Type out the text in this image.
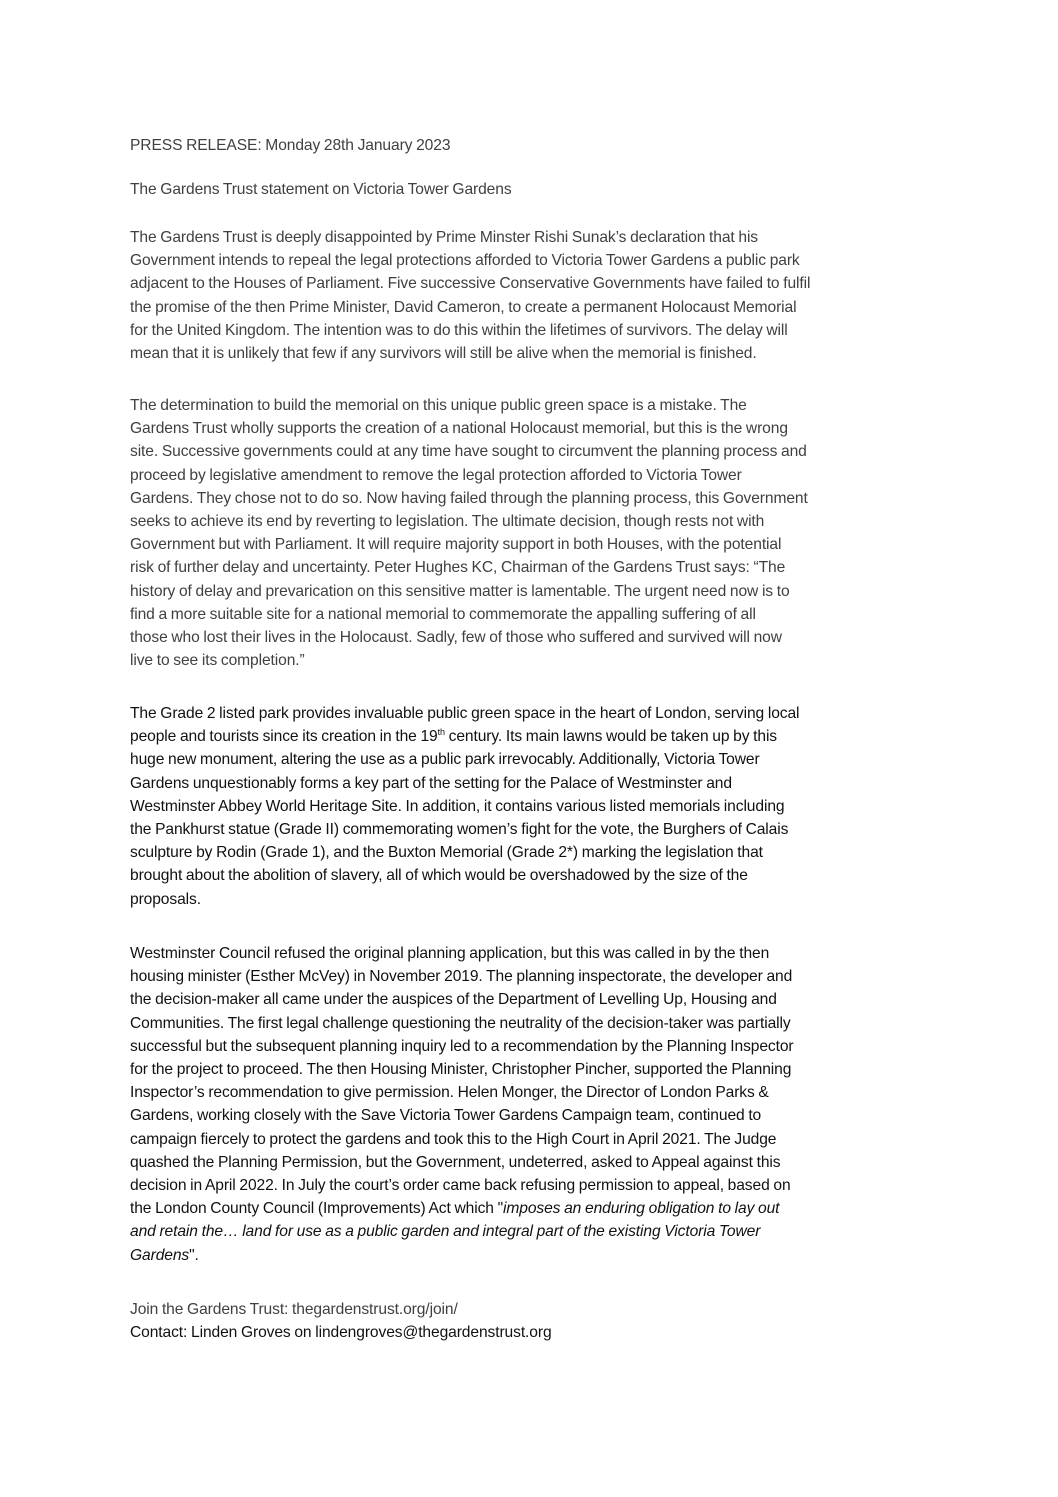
PRESS RELEASE: Monday 28th January 2023

The Gardens Trust statement on Victoria Tower Gardens

The Gardens Trust is deeply disappointed by Prime Minster Rishi Sunak’s declaration that his
Government intends to repeal the legal protections afforded to Victoria Tower Gardens a public park
adjacent to the Houses of Parliament. Five successive Conservative Governments have failed to fulfil
the promise of the then Prime Minister, David Cameron, to create a permanent Holocaust Memorial
for the United Kingdom. The intention was to do this within the lifetimes of survivors. The delay will
mean that it is unlikely that few if any survivors will still be alive when the memorial is finished.
The determination to build the memorial on this unique public green space is a mistake. The
Gardens Trust wholly supports the creation of a national Holocaust memorial, but this is the wrong
site. Successive governments could at any time have sought to circumvent the planning process and
proceed by legislative amendment to remove the legal protection afforded to Victoria Tower
Gardens. They chose not to do so. Now having failed through the planning process, this Government
seeks to achieve its end by reverting to legislation. The ultimate decision, though rests not with
Government but with Parliament. It will require majority support in both Houses, with the potential
risk of further delay and uncertainty. Peter Hughes KC, Chairman of the Gardens Trust says: “The
history of delay and prevarication on this sensitive matter is lamentable. The urgent need now is to
find a more suitable site for a national memorial to commemorate the appalling suffering of all
those who lost their lives in the Holocaust. Sadly, few of those who suffered and survived will now
live to see its completion.”
The Grade 2 listed park provides invaluable public green space in the heart of London, serving local
people and tourists since its creation in the 19th century. Its main lawns would be taken up by this
huge new monument, altering the use as a public park irrevocably. Additionally, Victoria Tower
Gardens unquestionably forms a key part of the setting for the Palace of Westminster and
Westminster Abbey World Heritage Site. In addition, it contains various listed memorials including
the Pankhurst statue (Grade II) commemorating women’s fight for the vote, the Burghers of Calais
sculpture by Rodin (Grade 1), and the Buxton Memorial (Grade 2*) marking the legislation that
brought about the abolition of slavery, all of which would be overshadowed by the size of the
proposals.
Westminster Council refused the original planning application, but this was called in by the then
housing minister (Esther McVey) in November 2019. The planning inspectorate, the developer and
the decision-maker all came under the auspices of the Department of Levelling Up, Housing and
Communities. The first legal challenge questioning the neutrality of the decision-taker was partially
successful but the subsequent planning inquiry led to a recommendation by the Planning Inspector
for the project to proceed. The then Housing Minister, Christopher Pincher, supported the Planning
Inspector’s recommendation to give permission. Helen Monger, the Director of London Parks &
Gardens, working closely with the Save Victoria Tower Gardens Campaign team, continued to
campaign fiercely to protect the gardens and took this to the High Court in April 2021. The Judge
quashed the Planning Permission, but the Government, undeterred, asked to Appeal against this
decision in April 2022. In July the court’s order came back refusing permission to appeal, based on
the London County Council (Improvements) Act which "imposes an enduring obligation to lay out
and retain the… land for use as a public garden and integral part of the existing Victoria Tower
Gardens".

Join the Gardens Trust: thegardenstrust.org/join/

Contact: Linden Groves on lindengroves@thegardenstrust.org
